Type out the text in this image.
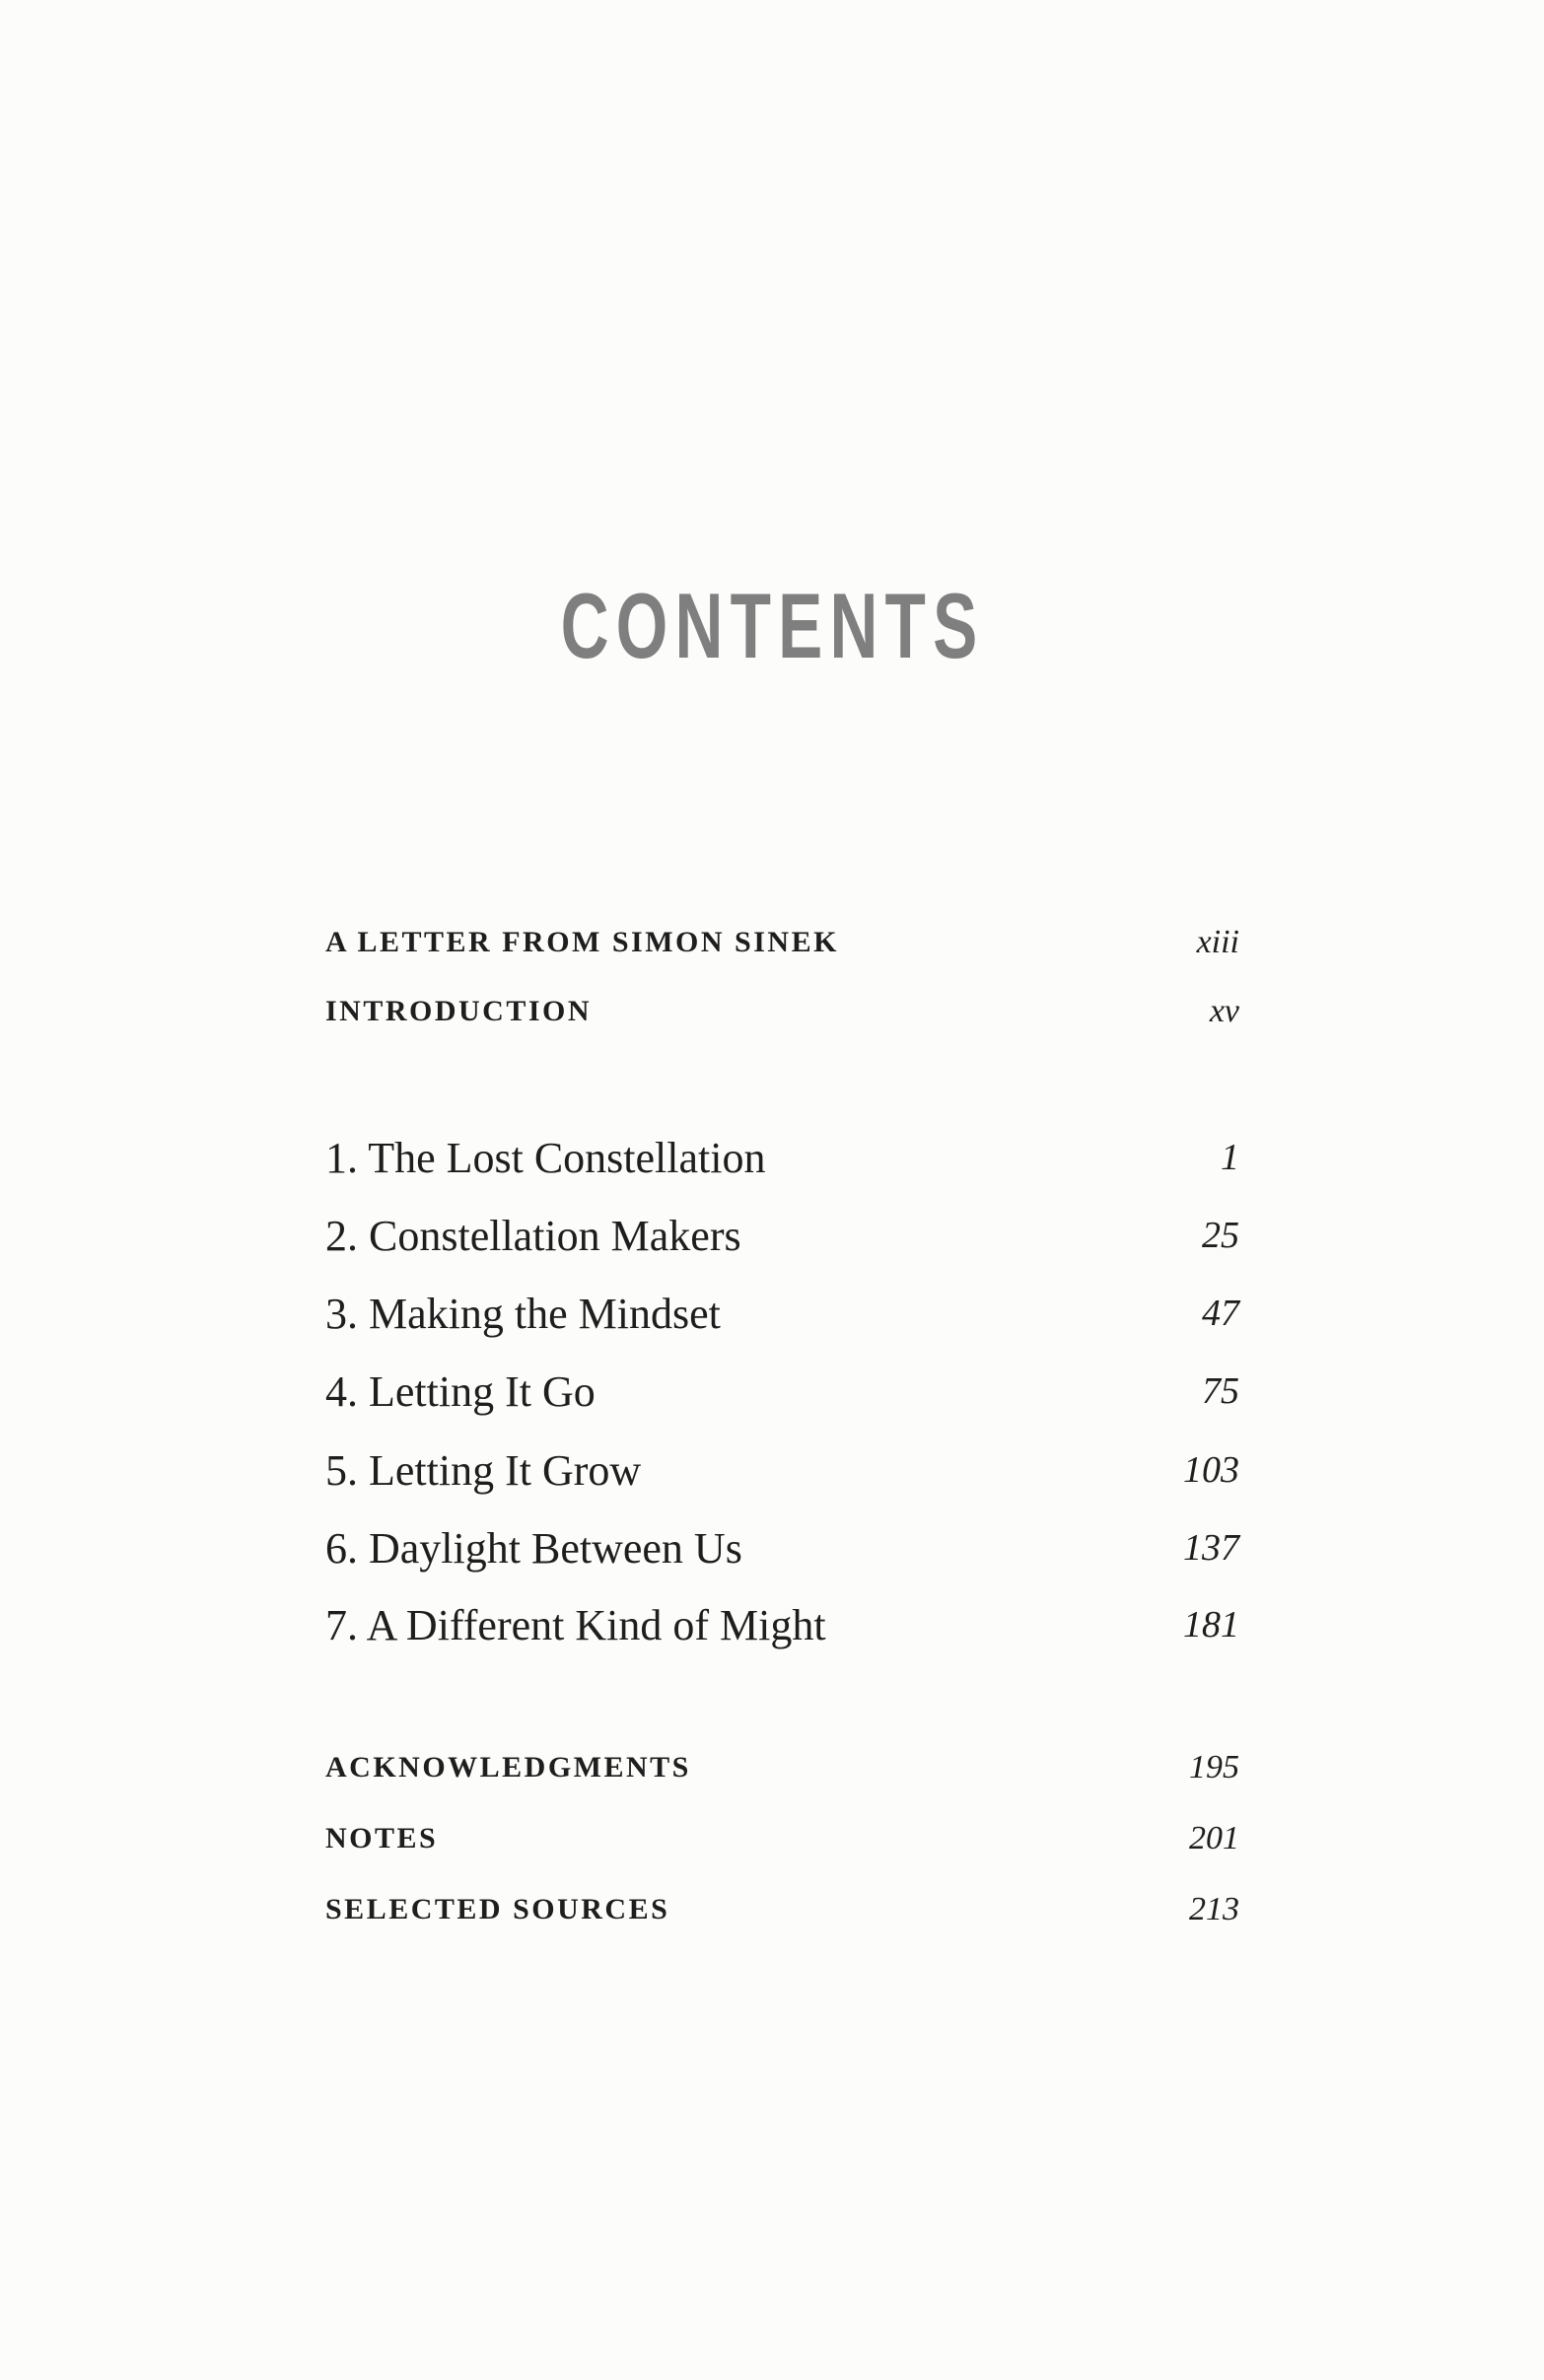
CONTENTS
A LETTER FROM SIMON SINEK	xiii
INTRODUCTION	xv
1. The Lost Constellation	1
2. Constellation Makers	25
3. Making the Mindset	47
4. Letting It Go	75
5. Letting It Grow	103
6. Daylight Between Us	137
7. A Different Kind of Might	181
ACKNOWLEDGMENTS	195
NOTES	201
SELECTED SOURCES	213
